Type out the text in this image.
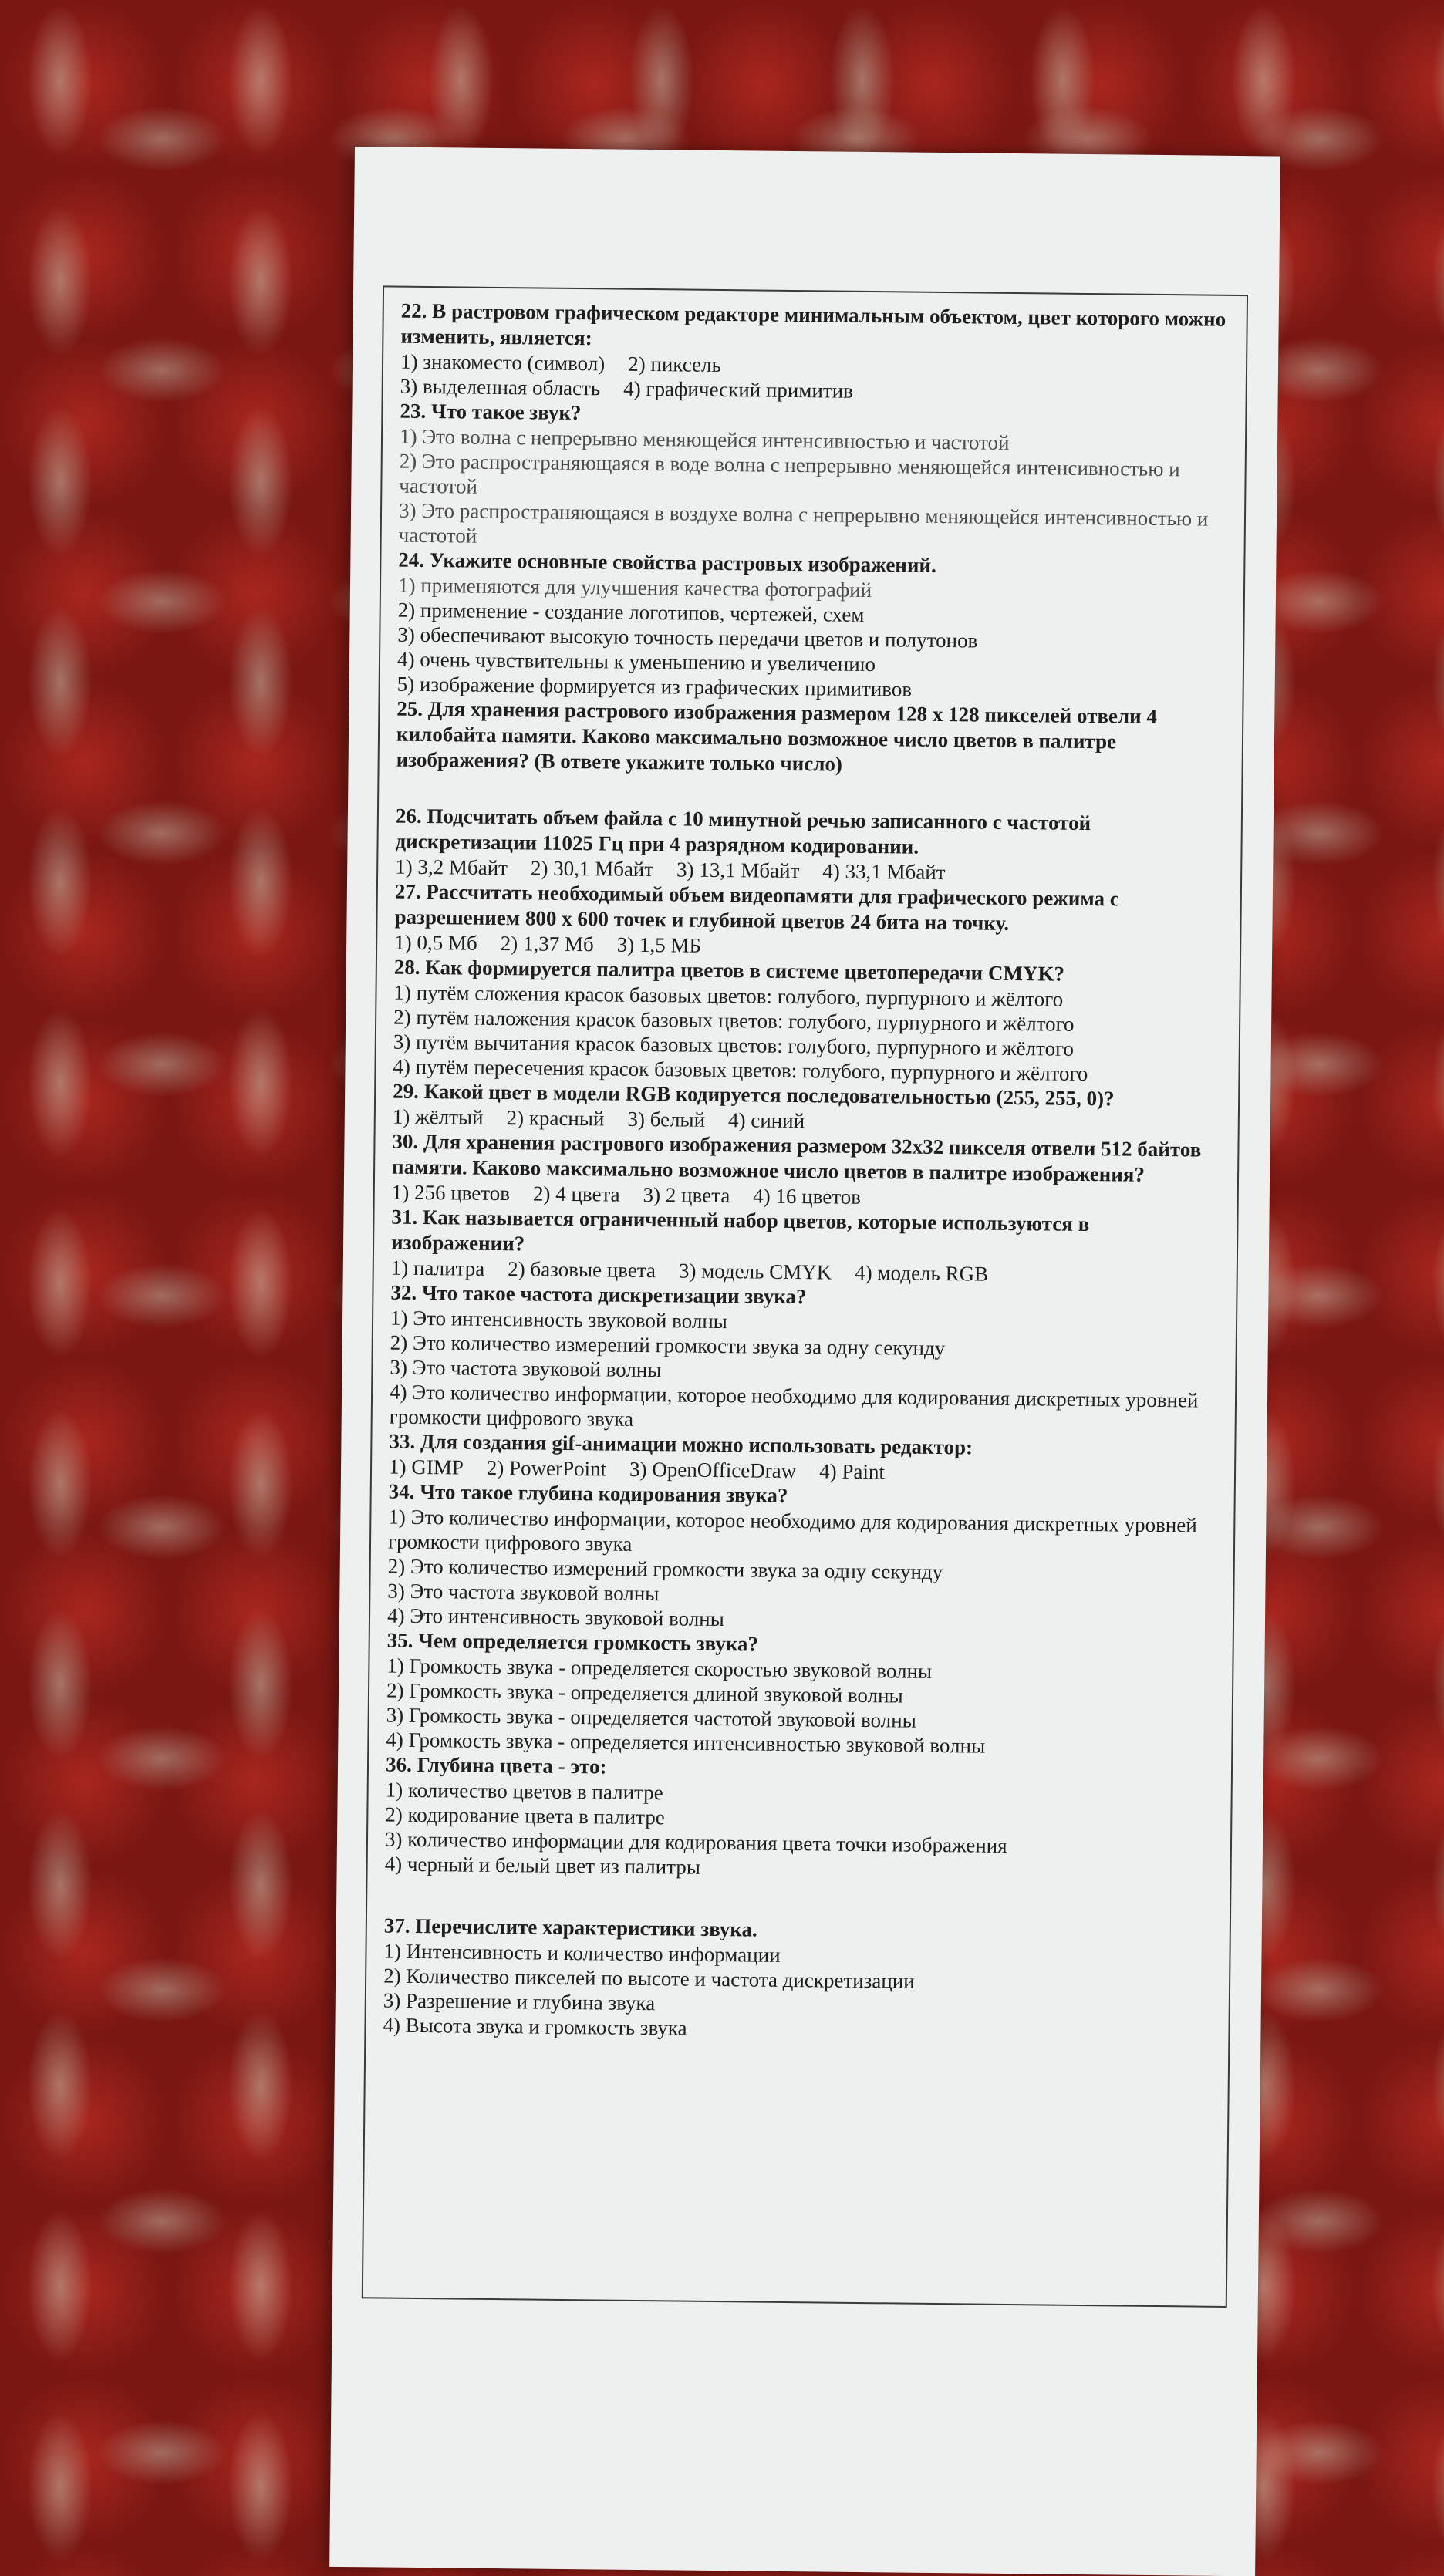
22. В растровом графическом редакторе минимальным объектом, цвет которого можно изменить, является:

1) знакоместо (символ) 2) пиксель

3) выделенная область 4) графический примитив

23. Что такое звук?

1) Это волна с непрерывно меняющейся интенсивностью и частотой

2) Это распространяющаяся в воде волна с непрерывно меняющейся интенсивностью и частотой

3) Это распространяющаяся в воздухе волна с непрерывно меняющейся интенсивностью и частотой

24. Укажите основные свойства растровых изображений.

1) применяются для улучшения качества фотографий

2) применение - создание логотипов, чертежей, схем

3) обеспечивают высокую точность передачи цветов и полутонов

4) очень чувствительны к уменьшению и увеличению

5) изображение формируется из графических примитивов

25. Для хранения растрового изображения размером 128 x 128 пикселей отвели 4 килобайта памяти. Каково максимально возможное число цветов в палитре изображения? (В ответе укажите только число)

26. Подсчитать объем файла с 10 минутной речью записанного с частотой дискретизации 11025 Гц при 4 разрядном кодировании.

1) 3,2 Мбайт 2) 30,1 Мбайт 3) 13,1 Мбайт 4) 33,1 Мбайт

27. Рассчитать необходимый объем видеопамяти для графического режима с разрешением 800 х 600 точек и глубиной цветов 24 бита на точку.

1) 0,5 Мб 2) 1,37 Мб 3) 1,5 МБ

28. Как формируется палитра цветов в системе цветопередачи CMYK?

1) путём сложения красок базовых цветов: голубого, пурпурного и жёлтого

2) путём наложения красок базовых цветов: голубого, пурпурного и жёлтого

3) путём вычитания красок базовых цветов: голубого, пурпурного и жёлтого

4) путём пересечения красок базовых цветов: голубого, пурпурного и жёлтого

29. Какой цвет в модели RGB кодируется последовательностью (255, 255, 0)?

1) жёлтый 2) красный 3) белый 4) синий

30. Для хранения растрового изображения размером 32x32 пикселя отвели 512 байтов памяти. Каково максимально возможное число цветов в палитре изображения?

1) 256 цветов 2) 4 цвета 3) 2 цвета 4) 16 цветов

31. Как называется ограниченный набор цветов, которые используются в изображении?

1) палитра 2) базовые цвета 3) модель CMYK 4) модель RGB

32. Что такое частота дискретизации звука?

1) Это интенсивность звуковой волны

2) Это количество измерений громкости звука за одну секунду

3) Это частота звуковой волны

4) Это количество информации, которое необходимо для кодирования дискретных уровней громкости цифрового звука

33. Для создания gif-анимации можно использовать редактор:

1) GIMP 2) PowerPoint 3) OpenOfficeDraw 4) Paint

34. Что такое глубина кодирования звука?

1) Это количество информации, которое необходимо для кодирования дискретных уровней громкости цифрового звука

2) Это количество измерений громкости звука за одну секунду

3) Это частота звуковой волны

4) Это интенсивность звуковой волны

35. Чем определяется громкость звука?

1) Громкость звука - определяется скоростью звуковой волны

2) Громкость звука - определяется длиной звуковой волны

3) Громкость звука - определяется частотой звуковой волны

4) Громкость звука - определяется интенсивностью звуковой волны

36. Глубина цвета - это:

1) количество цветов в палитре

2) кодирование цвета в палитре

3) количество информации для кодирования цвета точки изображения

4) черный и белый цвет из палитры

37. Перечислите характеристики звука.

1) Интенсивность и количество информации

2) Количество пикселей по высоте и частота дискретизации

3) Разрешение и глубина звука

4) Высота звука и громкость звука
